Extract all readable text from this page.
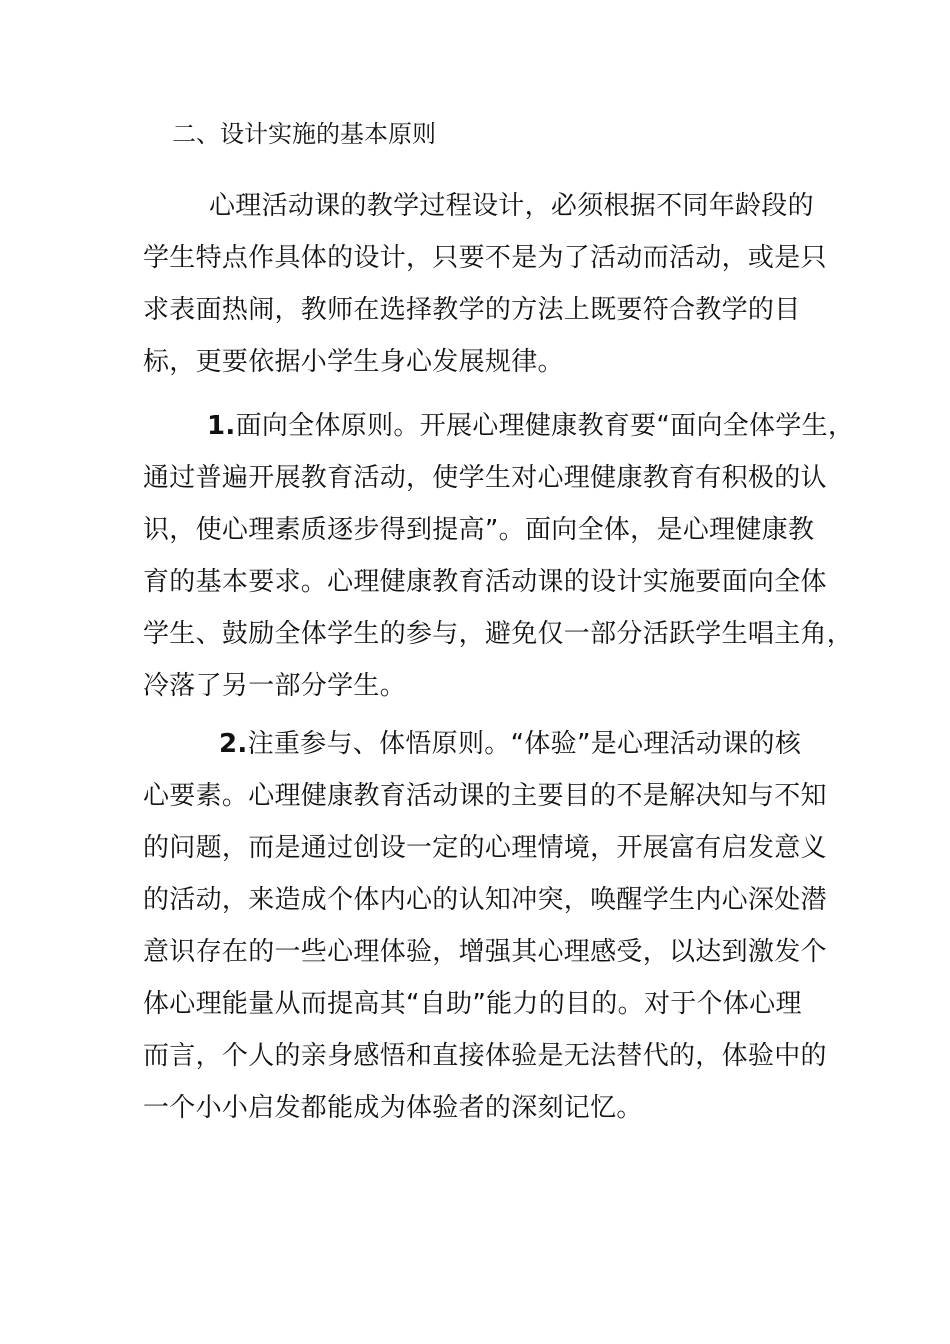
二、设计实施的基本原则
心理活动课的教学过程设计，必须根据不同年龄段的
学生特点作具体的设计，只要不是为了活动而活动，或是只
求表面热闹，教师在选择教学的方法上既要符合教学的目
标，更要依据小学生身心发展规律。
1.面向全体原则。开展心理健康教育要“面向全体学生，
通过普遍开展教育活动，使学生对心理健康教育有积极的认
识，使心理素质逐步得到提高”。面向全体，是心理健康教
育的基本要求。心理健康教育活动课的设计实施要面向全体
学生、鼓励全体学生的参与，避免仅一部分活跃学生唱主角，
冷落了另一部分学生。
2.注重参与、体悟原则。“体验”是心理活动课的核
心要素。心理健康教育活动课的主要目的不是解决知与不知
的问题，而是通过创设一定的心理情境，开展富有启发意义
的活动，来造成个体内心的认知冲突，唤醒学生内心深处潜
意识存在的一些心理体验，增强其心理感受，以达到激发个
体心理能量从而提高其“自助”能力的目的。对于个体心理
而言，个人的亲身感悟和直接体验是无法替代的，体验中的
一个小小启发都能成为体验者的深刻记忆。
